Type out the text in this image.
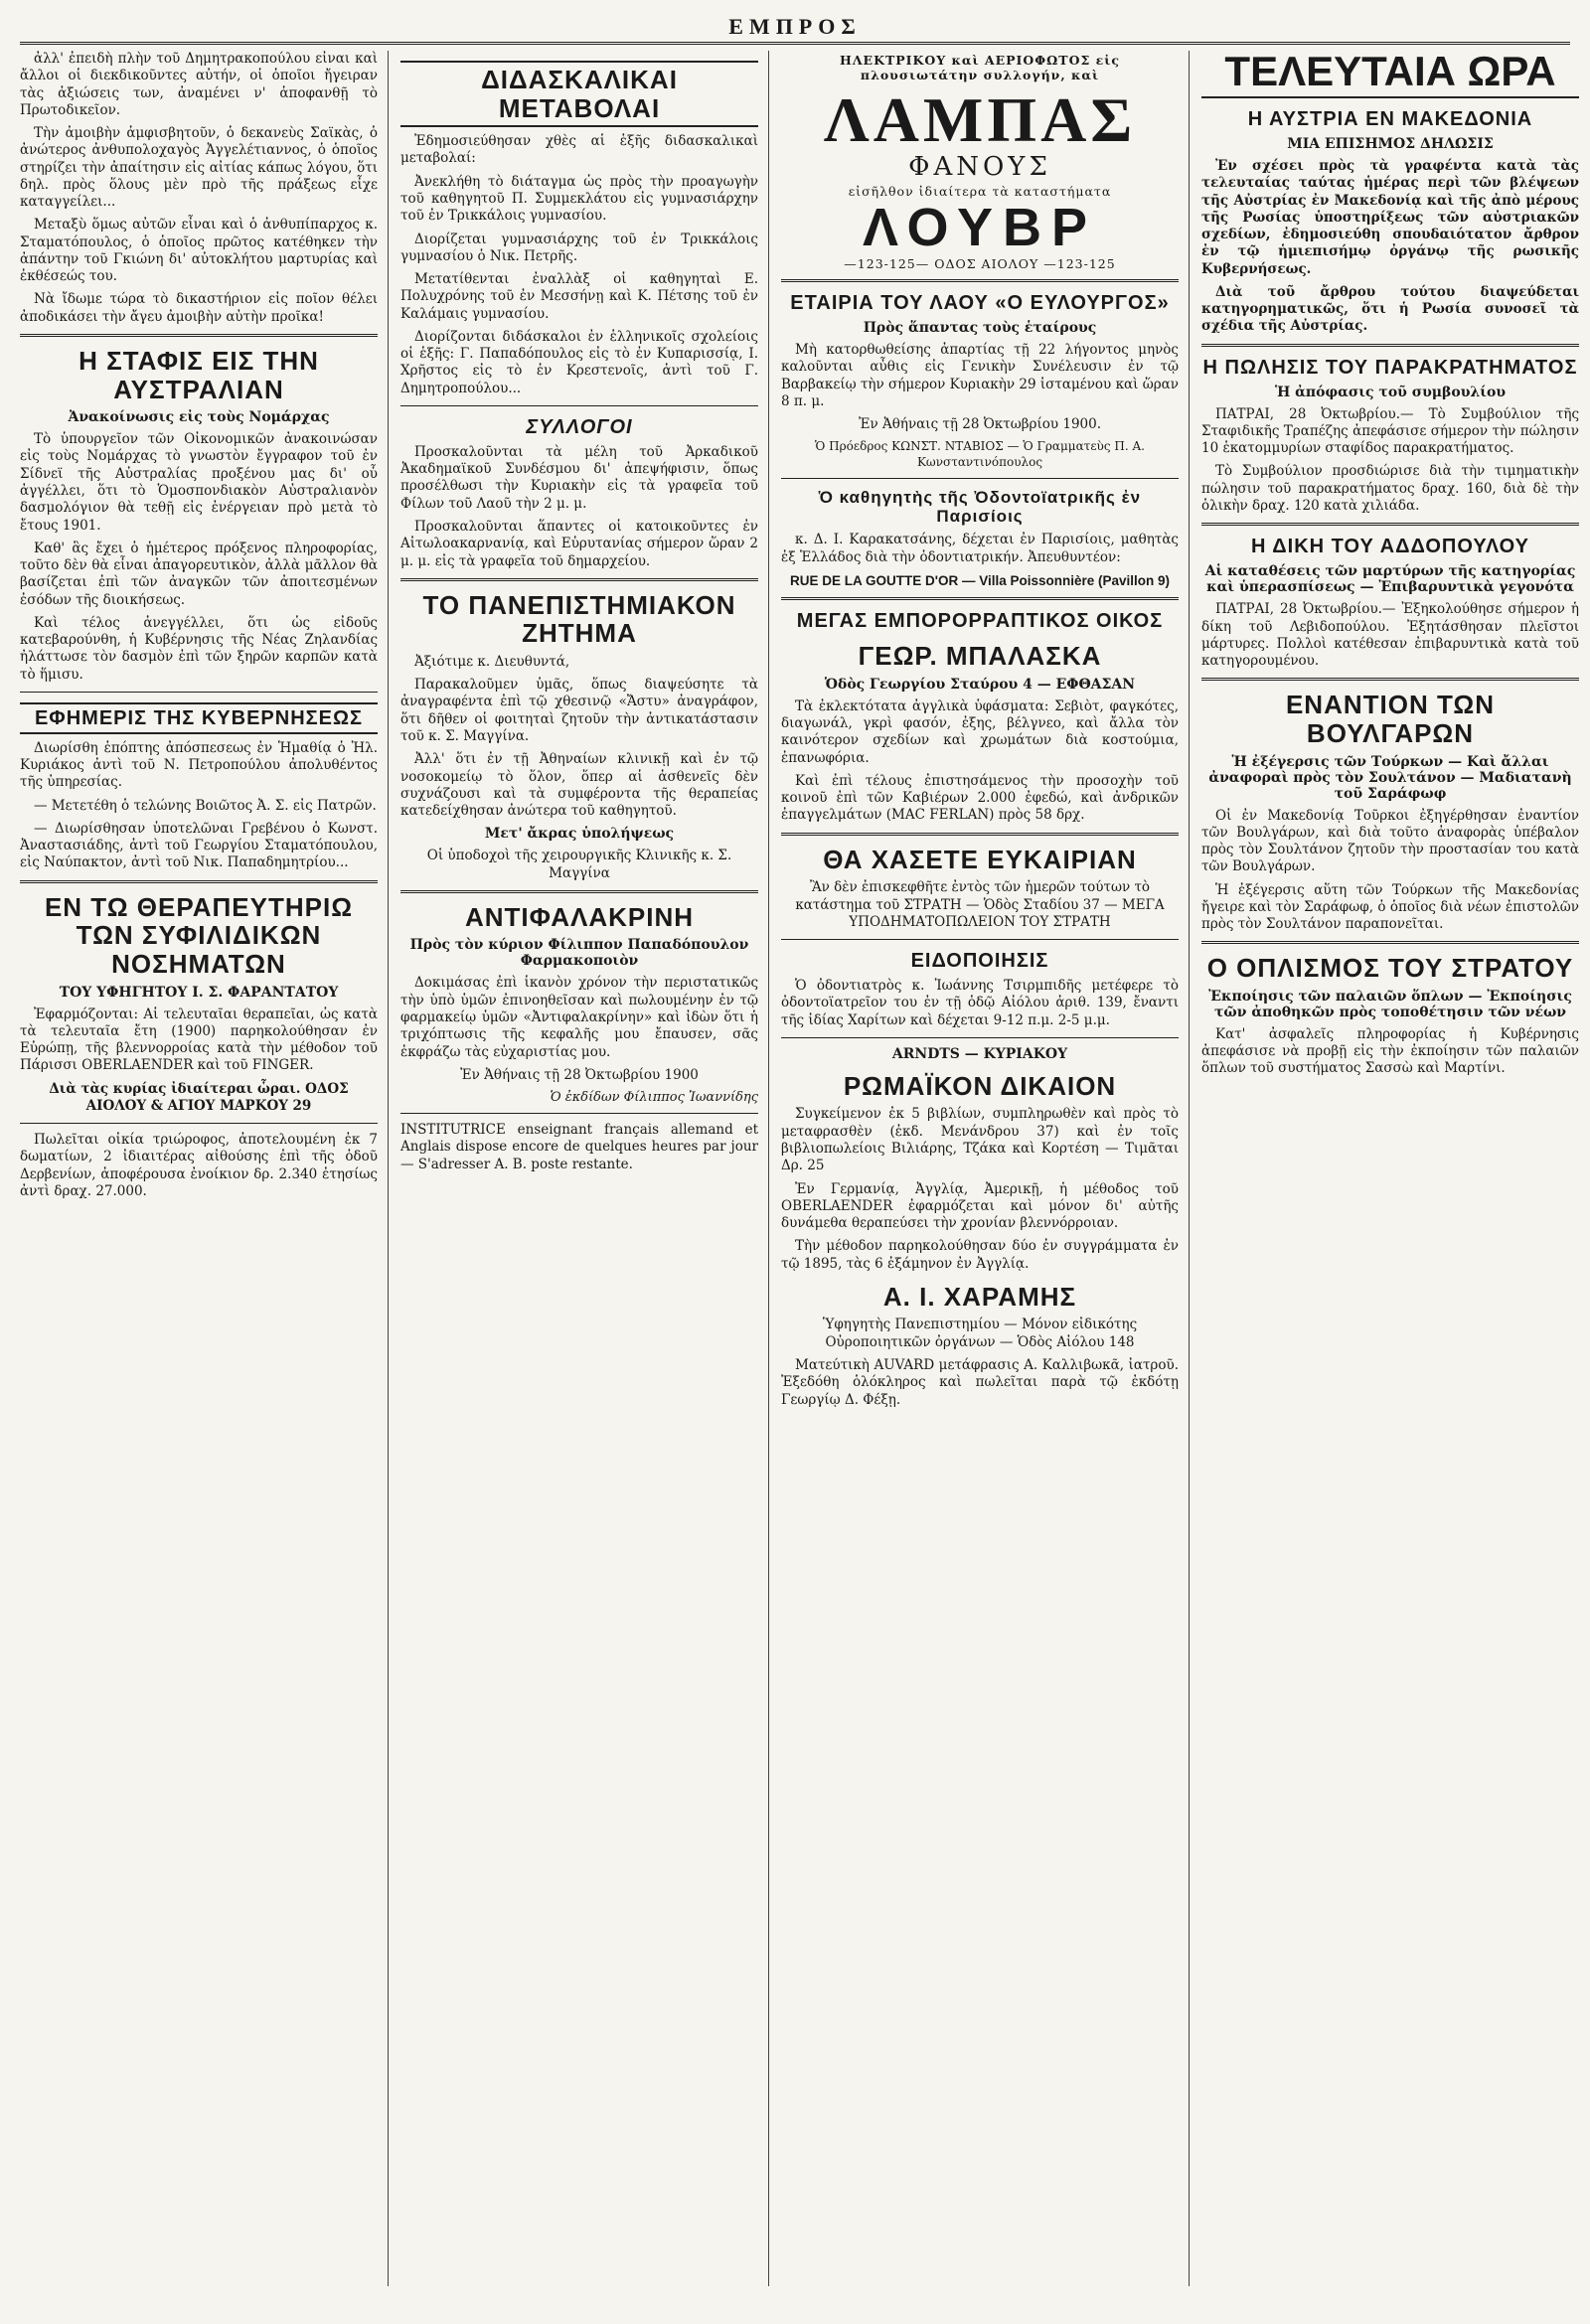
ΕΜΠΡΟΣ

ἀλλ' ἐπειδὴ πλὴν τοῦ Δημητρακοπούλου εἶναι καὶ ἄλλοι οἱ διεκδικοῦντες αὐτήν, οἱ ὁποῖοι ἤγειραν τὰς ἀξιώσεις των, ἀναμένει ν' ἀποφανθῇ τὸ Πρωτοδικεῖον.

Τὴν ἀμοιβὴν ἀμφισβητοῦν, ὁ δεκανεὺς Σαϊκὰς, ὁ ἀνώτερος ἀνθυπολοχαγὸς Ἀγγελέτιαννος, ὁ ὁποῖος στηρίζει τὴν ἀπαίτησιν εἰς αἰτίας κάπως λόγου, ὅτι δηλ. πρὸς ὅλους μὲν πρὸ τῆς πράξεως εἶχε καταγγείλει...

Μεταξὺ ὅμως αὐτῶν εἶναι καὶ ὁ ἀνθυπίπαρχος κ. Σταματόπουλος, ὁ ὁποῖος πρῶτος κατέθηκεν τὴν ἀπάντην τοῦ Γκιώνη δι' αὐτοκλήτου μαρτυρίας καὶ ἐκθέσεώς του.

Νὰ ἴδωμε τώρα τὸ δικαστήριον εἰς ποῖον θέλει ἀποδικάσει τὴν ἄγευ ἀμοιβὴν αὐτὴν προῖκα!

Η ΣΤΑΦΙΣ ΕΙΣ ΤΗΝ ΑΥΣΤΡΑΛΙΑΝ
Ἀνακοίνωσις εἰς τοὺς Νομάρχας

Τὸ ὑπουργεῖον τῶν Οἰκονομικῶν ἀνακοινώσαν εἰς τοὺς Νομάρχας τὸ γνωστὸν ἔγγραφον τοῦ ἐν Σίδνεϊ τῆς Αὐστραλίας προξένου μας δι' οὗ ἀγγέλλει, ὅτι τὸ Ὁμοσπονδιακὸν Αὐστραλιανὸν δασμολόγιον θὰ τεθῇ εἰς ἐνέργειαν πρὸ μετὰ τὸ ἔτους 1901.

Καθ' ἃς ἔχει ὁ ἡμέτερος πρόξενος πληροφορίας, τοῦτο δὲν θὰ εἶναι ἀπαγορευτικὸν, ἀλλὰ μᾶλλον θὰ βασίζεται ἐπὶ τῶν ἀναγκῶν τῶν ἀποιτεσμένων ἐσόδων τῆς διοικήσεως.

Καὶ τέλος ἀνεγγέλλει, ὅτι ὡς εἰδοῦς κατεβαρούνθη, ἡ Κυβέρνησις τῆς Νέας Ζηλανδίας ἠλάττωσε τὸν δασμὸν ἐπὶ τῶν ξηρῶν καρπῶν κατὰ τὸ ἥμισυ.

ΕΦΗΜΕΡΙΣ ΤΗΣ ΚΥΒΕΡΝΗΣΕΩΣ

Διωρίσθη ἐπόπτης ἀπόσπεσεως ἐν Ἡμαθίᾳ ὁ Ἠλ. Κυριάκος ἀντὶ τοῦ Ν. Πετροπούλου ἀπολυθέντος τῆς ὑπηρεσίας.

— Μετετέθη ὁ τελώνης Βοιῶτος Ἀ. Σ. εἰς Πατρῶν.

— Διωρίσθησαν ὑποτελῶναι Γρεβένου ὁ Κωνστ. Ἀναστασιάδης, ἀντὶ τοῦ Γεωργίου Σταματόπουλου, εἰς Ναύπακτον, ἀντὶ τοῦ Νικ. Παπαδημητρίου...

ΕΝ ΤΩ ΘΕΡΑΠΕΥΤΗΡΙΩ ΤΩΝ ΣΥΦΙΛΙΔΙΚΩΝ ΝΟΣΗΜΑΤΩΝ
ΤΟΥ ΥΦΗΓΗΤΟΥ Ι. Σ. ΦΑΡΑΝΤΑΤΟΥ

Ἐφαρμόζονται: Αἱ τελευταῖαι θεραπεῖαι, ὡς κατὰ τὰ τελευταῖα ἔτη (1900) παρηκολούθησαν ἐν Εὐρώπῃ, τῆς βλεννορροίας κατὰ τὴν μέθοδον τοῦ Πάρισσι OBERLAENDER καὶ τοῦ FINGER.

Διὰ τὰς κυρίας ἰδιαίτεραι ὧραι. ΟΔΟΣ ΑΙΟΛΟΥ & ΑΓΙΟΥ ΜΑΡΚΟΥ 29

Πωλεῖται οἰκία τριώροφος, ἀποτελουμένη ἐκ 7 δωματίων, 2 ἰδιαιτέρας αἰθούσης ἐπὶ τῆς ὁδοῦ Δερβενίων, ἀποφέρουσα ἐνοίκιον δρ. 2.340 ἐτησίως ἀντὶ δραχ. 27.000.

ΔΙΔΑΣΚΑΛΙΚΑΙ ΜΕΤΑΒΟΛΑΙ

Ἐδημοσιεύθησαν χθὲς αἱ ἑξῆς διδασκαλικαὶ μεταβολαί:

Ἀνεκλήθη τὸ διάταγμα ὡς πρὸς τὴν προαγωγὴν τοῦ καθηγητοῦ Π. Συμμεκλάτου εἰς γυμνασιάρχην τοῦ ἐν Τρικκάλοις γυμνασίου.

Διορίζεται γυμνασιάρχης τοῦ ἐν Τρικκάλοις γυμνασίου ὁ Νικ. Πετρῆς.

Μετατίθενται ἐναλλὰξ οἱ καθηγηταὶ Ε. Πολυχρόνης τοῦ ἐν Μεσσήνῃ καὶ Κ. Πέτσης τοῦ ἐν Καλάμαις γυμνασίου.

Διορίζονται διδάσκαλοι ἐν ἑλληνικοῖς σχολείοις οἱ ἑξῆς: Γ. Παπαδόπουλος εἰς τὸ ἐν Κυπαρισσίᾳ, Ι. Χρῆστος εἰς τὸ ἐν Κρεστενοῖς, ἀντὶ τοῦ Γ. Δημητροπούλου...

ΣΥΛΛΟΓΟΙ

Προσκαλοῦνται τὰ μέλη τοῦ Ἀρκαδικοῦ Ἀκαδημαϊκοῦ Συνδέσμου δι' ἀπεψήφισιν, ὅπως προσέλθωσι τὴν Κυριακὴν εἰς τὰ γραφεῖα τοῦ Φίλων τοῦ Λαοῦ τὴν 2 μ. μ.

Προσκαλοῦνται ἅπαντες οἱ κατοικοῦντες ἐν Αἰτωλοακαρνανίᾳ, καὶ Εὐρυτανίας σήμερον ὥραν 2 μ. μ. εἰς τὰ γραφεῖα τοῦ δημαρχείου.

ΤΟ ΠΑΝΕΠΙΣΤΗΜΙΑΚΟΝ ΖΗΤΗΜΑ

Ἀξιότιμε κ. Διευθυντά,

Παρακαλοῦμεν ὑμᾶς, ὅπως διαψεύσητε τὰ ἀναγραφέντα ἐπὶ τῷ χθεσινῷ «Ἄστυ» ἀναγράφον, ὅτι δῆθεν οἱ φοιτηταὶ ζητοῦν τὴν ἀντικατάστασιν τοῦ κ. Σ. Μαγγίνα.

Ἀλλ' ὅτι ἐν τῇ Ἀθηναίων κλινικῇ καὶ ἐν τῷ νοσοκομείῳ τὸ ὅλον, ὅπερ αἱ ἀσθενεῖς δὲν συχνάζουσι καὶ τὰ συμφέροντα τῆς θεραπείας κατεδείχθησαν ἀνώτερα τοῦ καθηγητοῦ.

Μετ' ἄκρας ὑπολήψεως

Οἱ ὑποδοχοὶ τῆς χειρουργικῆς Κλινικῆς κ. Σ. Μαγγίνα

ΑΝΤΙΦΑΛΑΚΡΙΝΗ
Πρὸς τὸν κύριον Φίλιππον Παπαδόπουλον Φαρμακοποιὸν

Δοκιμάσας ἐπὶ ἱκανὸν χρόνον τὴν περιστατικῶς τὴν ὑπὸ ὑμῶν ἐπινοηθεῖσαν καὶ πωλουμένην ἐν τῷ φαρμακείῳ ὑμῶν «Ἀντιφαλακρίνην» καὶ ἰδὼν ὅτι ἡ τριχόπτωσις τῆς κεφαλῆς μου ἔπαυσεν, σᾶς ἐκφράζω τὰς εὐχαριστίας μου.

Ἐν Ἀθήναις τῇ 28 Ὀκτωβρίου 1900

Ὁ ἐκδίδων Φίλιππος Ἰωαννίδης

INSTITUTRICE enseignant français allemand et Anglais dispose encore de quelques heures par jour — S'adresser A. B. poste restante.

ΗΛΕΚΤΡΙΚΟΥ καὶ ΑΕΡΙΟΦΩΤΟΣ εἰς πλουσιωτάτην συλλογήν, καὶ
ΛΑΜΠΑΣ
ΦΑΝΟΥΣ
εἰσῆλθον ἰδιαίτερα τὰ καταστήματα
ΛΟΥΒΡ
—123-125— ΟΔΟΣ ΑΙΟΛΟΥ —123-125
ΕΤΑΙΡΙΑ ΤΟΥ ΛΑΟΥ «Ο ΕΥΛΟΥΡΓΟΣ»
Πρὸς ἅπαντας τοὺς ἑταίρους

Μὴ κατορθωθείσης ἀπαρτίας τῇ 22 λήγοντος μηνὸς καλοῦνται αὖθις εἰς Γενικὴν Συνέλευσιν ἐν τῷ Βαρβακείῳ τὴν σήμερον Κυριακὴν 29 ἱσταμένου καὶ ὥραν 8 π. μ.

Ἐν Ἀθήναις τῇ 28 Ὀκτωβρίου 1900.

Ὁ Πρόεδρος ΚΩΝΣΤ. ΝΤΑΒΙΟΣ — Ὁ Γραμματεὺς Π. Α. Κωνσταντινόπουλος

Ὁ καθηγητὴς τῆς Ὀδοντοϊατρικῆς ἐν Παρισίοις

κ. Δ. Ι. Καρακατσάνης, δέχεται ἐν Παρισίοις, μαθητὰς ἐξ Ἑλλάδος διὰ τὴν ὀδοντιατρικήν. Ἀπευθυντέον:

RUE DE LA GOUTTE D'OR — Villa Poissonnière (Pavillon 9)

ΜΕΓΑΣ ΕΜΠΟΡΟΡΡΑΠΤΙΚΟΣ ΟΙΚΟΣ
ΓΕΩΡ. ΜΠΑΛΑΣΚΑ
Ὁδὸς Γεωργίου Σταύρου 4 — ΕΦΘΑΣΑΝ

Τὰ ἐκλεκτότατα ἀγγλικὰ ὑφάσματα: Σεβιὸτ, φαγκότες, διαγωνάλ, γκρὶ φασόν, ἐξης, βέλγνεο, καὶ ἄλλα τὸν καινότερον σχεδίων καὶ χρωμάτων διὰ κοστούμια, ἐπανωφόρια.

Καὶ ἐπὶ τέλους ἐπιστησάμενος τὴν προσοχὴν τοῦ κοινοῦ ἐπὶ τῶν Καβιέρων 2.000 ἐφεδώ, καὶ ἀνδρικῶν ἐπαγγελμάτων (MAC FERLAN) πρὸς 58 δρχ.

ΘΑ ΧΑΣΕΤΕ ΕΥΚΑΙΡΙΑΝ

Ἂν δὲν ἐπισκεφθῆτε ἐντὸς τῶν ἡμερῶν τούτων τὸ κατάστημα τοῦ ΣΤΡΑΤΗ — Ὁδὸς Σταδίου 37 — ΜΕΓΑ ΥΠΟΔΗΜΑΤΟΠΩΛΕΙΟΝ ΤΟΥ ΣΤΡΑΤΗ

ΕΙΔΟΠΟΙΗΣΙΣ

Ὁ ὀδοντιατρὸς κ. Ἰωάννης Τσιρμπιδῆς μετέφερε τὸ ὀδοντοϊατρεῖον του ἐν τῇ ὁδῷ Αἰόλου ἀριθ. 139, ἔναντι τῆς ἰδίας Χαρίτων καὶ δέχεται 9-12 π.μ. 2-5 μ.μ.

ARNDTS — ΚΥΡΙΑΚΟΥ
ΡΩΜΑΪΚΟΝ ΔΙΚΑΙΟΝ

Συγκείμενον ἐκ 5 βιβλίων, συμπληρωθὲν καὶ πρὸς τὸ μεταφρασθὲν (ἐκδ. Μενάνδρου 37) καὶ ἐν τοῖς βιβλιοπωλείοις Βιλιάρης, Τζάκα καὶ Κορτέση — Τιμᾶται Δρ. 25

Ἐν Γερμανίᾳ, Ἀγγλίᾳ, Ἀμερικῇ, ἡ μέθοδος τοῦ OBERLAENDER ἐφαρμόζεται καὶ μόνον δι' αὐτῆς δυνάμεθα θεραπεύσει τὴν χρονίαν βλεννόρροιαν.

Τὴν μέθοδον παρηκολούθησαν δύο ἐν συγγράμματα ἐν τῷ 1895, τὰς 6 ἐξάμηνον ἐν Ἀγγλίᾳ.

Α. Ι. ΧΑΡΑΜΗΣ

Ὑφηγητὴς Πανεπιστημίου — Μόνον εἰδικότης Οὐροποιητικῶν ὀργάνων — Ὁδὸς Αἰόλου 148

Ματεύτικὴ AUVARD μετάφρασις Α. Καλλιβωκᾶ, ἰατροῦ. Ἐξεδόθη ὁλόκληρος καὶ πωλεῖται παρὰ τῷ ἐκδότῃ Γεωργίῳ Δ. Φέξῃ.

ΤΕΛΕΥΤΑΙΑ ΩΡΑ
Η ΑΥΣΤΡΙΑ ΕΝ ΜΑΚΕΔΟΝΙΑ
ΜΙΑ ΕΠΙΣΗΜΟΣ ΔΗΛΩΣΙΣ

Ἐν σχέσει πρὸς τὰ γραφέντα κατὰ τὰς τελευταίας ταύτας ἡμέρας περὶ τῶν βλέψεων τῆς Αὐστρίας ἐν Μακεδονίᾳ καὶ τῆς ἀπὸ μέρους τῆς Ρωσίας ὑποστηρίξεως τῶν αὐστριακῶν σχεδίων, ἐδημοσιεύθη σπουδαιότατον ἄρθρον ἐν τῷ ἡμιεπισήμῳ ὀργάνῳ τῆς ρωσικῆς Κυβερνήσεως.

Διὰ τοῦ ἄρθρου τούτου διαψεύδεται κατηγορηματικῶς, ὅτι ἡ Ρωσία συνοσεῖ τὰ σχέδια τῆς Αὐστρίας.

Η ΠΩΛΗΣΙΣ ΤΟΥ ΠΑΡΑΚΡΑΤΗΜΑΤΟΣ
Ἡ ἀπόφασις τοῦ συμβουλίου

ΠΑΤΡΑΙ, 28 Ὀκτωβρίου.— Τὸ Συμβούλιον τῆς Σταφιδικῆς Τραπέζης ἀπεφάσισε σήμερον τὴν πώλησιν 10 ἑκατομμυρίων σταφίδος παρακρατήματος.

Τὸ Συμβούλιον προσδιώρισε διὰ τὴν τιμηματικὴν πώλησιν τοῦ παρακρατήματος δραχ. 160, διὰ δὲ τὴν ὁλικὴν δραχ. 120 κατὰ χιλιάδα.

Η ΔΙΚΗ ΤΟΥ ΑΔΔΟΠΟΥΛΟΥ
Αἱ καταθέσεις τῶν μαρτύρων τῆς κατηγορίας καὶ ὑπερασπίσεως — Ἐπιβαρυντικὰ γεγονότα

ΠΑΤΡΑΙ, 28 Ὀκτωβρίου.— Ἐξηκολούθησε σήμερον ἡ δίκη τοῦ Λεβιδοπούλου. Ἐξητάσθησαν πλεῖστοι μάρτυρες. Πολλοὶ κατέθεσαν ἐπιβαρυντικὰ κατὰ τοῦ κατηγορουμένου.

ΕΝΑΝΤΙΟΝ ΤΩΝ ΒΟΥΛΓΑΡΩΝ
Ἡ ἐξέγερσις τῶν Τούρκων — Καὶ ἄλλαι ἀναφοραὶ πρὸς τὸν Σουλτάνον — Μαδιατανὴ τοῦ Σαράφωφ

Οἱ ἐν Μακεδονίᾳ Τοῦρκοι ἐξηγέρθησαν ἐναντίον τῶν Βουλγάρων, καὶ διὰ τοῦτο ἀναφορὰς ὑπέβαλον πρὸς τὸν Σουλτάνον ζητοῦν τὴν προστασίαν του κατὰ τῶν Βουλγάρων.

Ἡ ἐξέγερσις αὕτη τῶν Τούρκων τῆς Μακεδονίας ἤγειρε καὶ τὸν Σαράφωφ, ὁ ὁποῖος διὰ νέων ἐπιστολῶν πρὸς τὸν Σουλτάνον παραπονεῖται.

Ο ΟΠΛΙΣΜΟΣ ΤΟΥ ΣΤΡΑΤΟΥ
Ἐκποίησις τῶν παλαιῶν ὅπλων — Ἐκποίησις τῶν ἀποθηκῶν πρὸς τοποθέτησιν τῶν νέων

Κατ' ἀσφαλεῖς πληροφορίας ἡ Κυβέρνησις ἀπεφάσισε νὰ προβῇ εἰς τὴν ἐκποίησιν τῶν παλαιῶν ὅπλων τοῦ συστήματος Σασσὼ καὶ Μαρτίνι.
